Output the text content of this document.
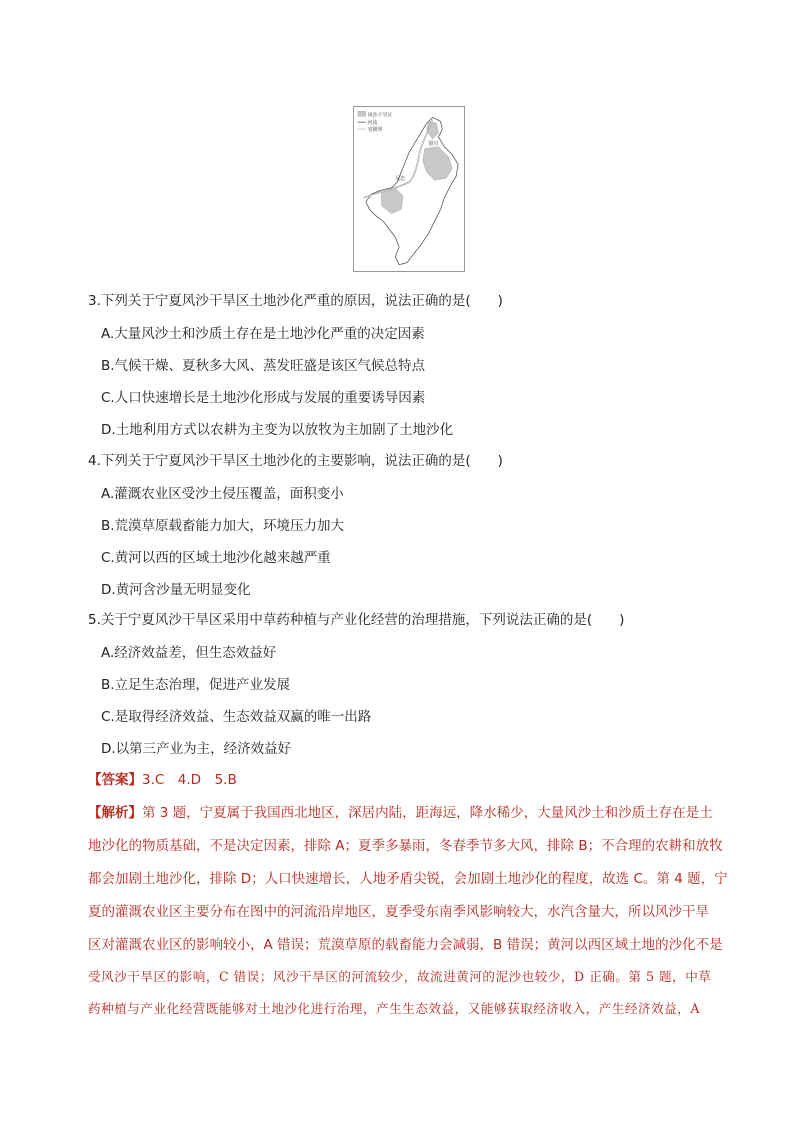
风沙干旱区
河流
省级界
银川
吴忠
3.下列关于宁夏风沙干旱区土地沙化严重的原因，说法正确的是(　　)
A.大量风沙土和沙质土存在是土地沙化严重的决定因素
B.气候干燥、夏秋多大风、蒸发旺盛是该区气候总特点
C.人口快速增长是土地沙化形成与发展的重要诱导因素
D.土地利用方式以农耕为主变为以放牧为主加剧了土地沙化
4.下列关于宁夏风沙干旱区土地沙化的主要影响，说法正确的是(　　)
A.灌溉农业区受沙土侵压覆盖，面积变小
B.荒漠草原载畜能力加大，环境压力加大
C.黄河以西的区域土地沙化越来越严重
D.黄河含沙量无明显变化
5.关于宁夏风沙干旱区采用中草药种植与产业化经营的治理措施，下列说法正确的是(　　)
A.经济效益差，但生态效益好
B.立足生态治理，促进产业发展
C.是取得经济效益、生态效益双赢的唯一出路
D.以第三产业为主，经济效益好
【答案】3.C　4.D　5.B
【解析】第 3 题，宁夏属于我国西北地区，深居内陆，距海远，降水稀少，大量风沙土和沙质土存在是土
地沙化的物质基础，不是决定因素，排除 A；夏季多暴雨，冬春季节多大风，排除 B；不合理的农耕和放牧
都会加剧土地沙化，排除 D；人口快速增长，人地矛盾尖锐，会加剧土地沙化的程度，故选 C。第 4 题，宁
夏的灌溉农业区主要分布在图中的河流沿岸地区，夏季受东南季风影响较大，水汽含量大，所以风沙干旱
区对灌溉农业区的影响较小，A 错误；荒漠草原的载畜能力会减弱，B 错误；黄河以西区域土地的沙化不是
受风沙干旱区的影响，C 错误；风沙干旱区的河流较少，故流进黄河的泥沙也较少，D 正确。第 5 题，中草
药种植与产业化经营既能够对土地沙化进行治理，产生生态效益，又能够获取经济收入，产生经济效益，A
